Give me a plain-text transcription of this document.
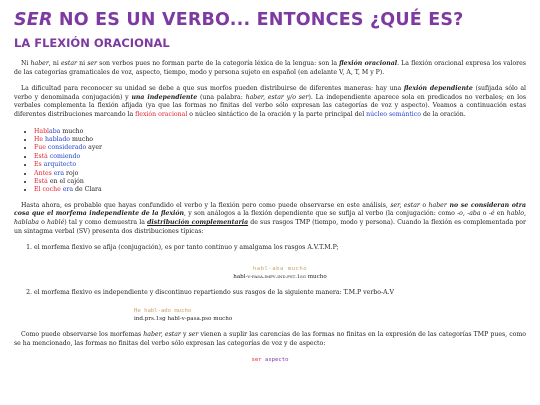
SER NO ES UN VERBO... ENTONCES ¿QUÉ ES?
LA FLEXIÓN ORACIONAL

Ni haber, ni estar ni ser son verbos pues no forman parte de la categoría léxica de la lengua: son la flexión oracional. La flexión oracional expresa los valores de las categorías gramaticales de voz, aspecto, tiempo, modo y persona sujeto en español (en adelante V, A, T, M y P).

La dificultad para reconocer su unidad se debe a que sus morfos pueden distribuirse de diferentes maneras: hay una flexión dependiente (sufijada sólo al verbo y denominada conjugación) y una independiente (una palabra: haber, estar y/o ser). La independiente aparece sola en predicados no verbales; en los verbales complementa la flexión afijada (ya que las formas no finitas del verbo sólo expresan las categorías de voz y aspecto). Veamos a continuación estas diferentes distribuciones marcando la flexión oracional o núcleo sintáctico de la oración y la parte principal del núcleo semántico de la oración.

• Hablaba mucho
• He hablado mucho
• Fue considerado ayer
• Está comiendo
• Es arquitecto
• Antes era rojo
• Está en el cajón
• El coche era de Clara

Hasta ahora, es probable que hayas confundido el verbo y la flexión pero como puede observarse en este análisis, ser, estar o haber no se consideran otra cosa que el morfema independiente de la flexión, y son análogos a la flexión dependiente que se sufija al verbo (la conjugación: como -o, -aba o -é en hablo, hablaba o hablé) tal y como demuestra la distribución complementaria de sus rasgos TMP (tiempo, modo y persona). Cuando la flexión es complementada por un sintagma verbal (SV) presenta dos distribuciones típicas:

1. el morfema flexivo se afija (conjugación), es por tanto continuo y amalgama los rasgos A.V.T.M.P;
habl-aba mucho
habl-v-pasa.impv.ind.pst.1sg mucho
2. el morfema flexivo es independiente y discontinuo repartiendo sus rasgos de la siguiente manera: T.M.P verbo-A.V
He habl-ado mucho
ind.prs.1sg habl-v-pasa.pso mucho

Como puede observarse los morfemas haber, estar y ser vienen a suplir las carencias de las formas no finitas en la expresión de las categorías TMP pues, como se ha mencionado, las formas no finitas del verbo sólo expresan las categorías de voz y de aspecto:

ser aspecto
